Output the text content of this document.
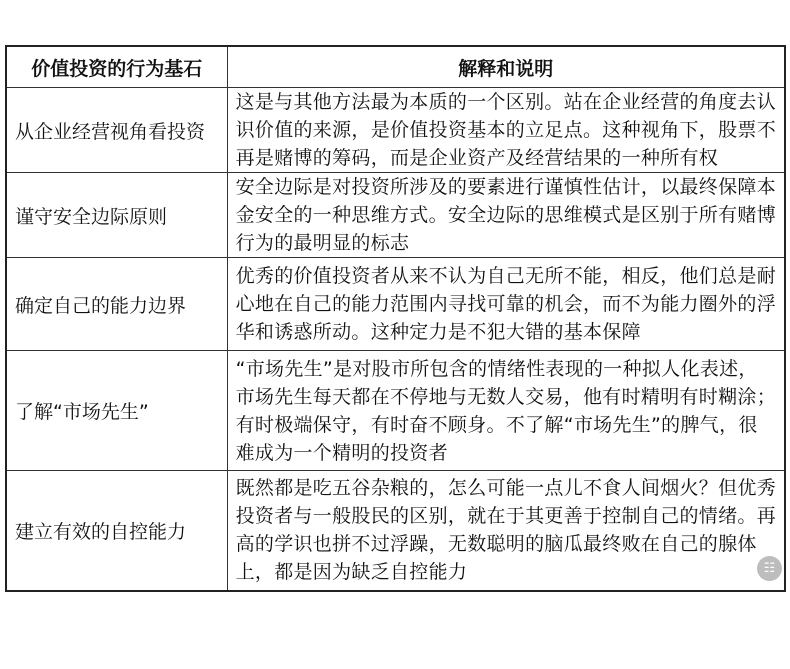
价值投资的行为基石	解释和说明
从企业经营视角看投资	这是与其他方法最为本质的一个区别。站在企业经营的角度去认
识价值的来源，是价值投资基本的立足点。这种视角下，股票不
再是赌博的筹码，而是企业资产及经营结果的一种所有权

谨守安全边际原则	安全边际是对投资所涉及的要素进行谨慎性估计，以最终保障本
金安全的一种思维方式。安全边际的思维模式是区别于所有赌博
行为的最明显的标志

确定自己的能力边界	优秀的价值投资者从来不认为自己无所不能，相反，他们总是耐
心地在自己的能力范围内寻找可靠的机会，而不为能力圈外的浮
华和诱惑所动。这种定力是不犯大错的基本保障

了解“市场先生”	“市场先生”是对股市所包含的情绪性表现的一种拟人化表述，
市场先生每天都在不停地与无数人交易，他有时精明有时糊涂；
有时极端保守，有时奋不顾身。不了解“市场先生”的脾气，很
难成为一个精明的投资者

建立有效的自控能力	既然都是吃五谷杂粮的，怎么可能一点儿不食人间烟火？但优秀
投资者与一般股民的区别，就在于其更善于控制自己的情绪。再
高的学识也拼不过浮躁，无数聪明的脑瓜最终败在自己的腺体
上，都是因为缺乏自控能力	☷
